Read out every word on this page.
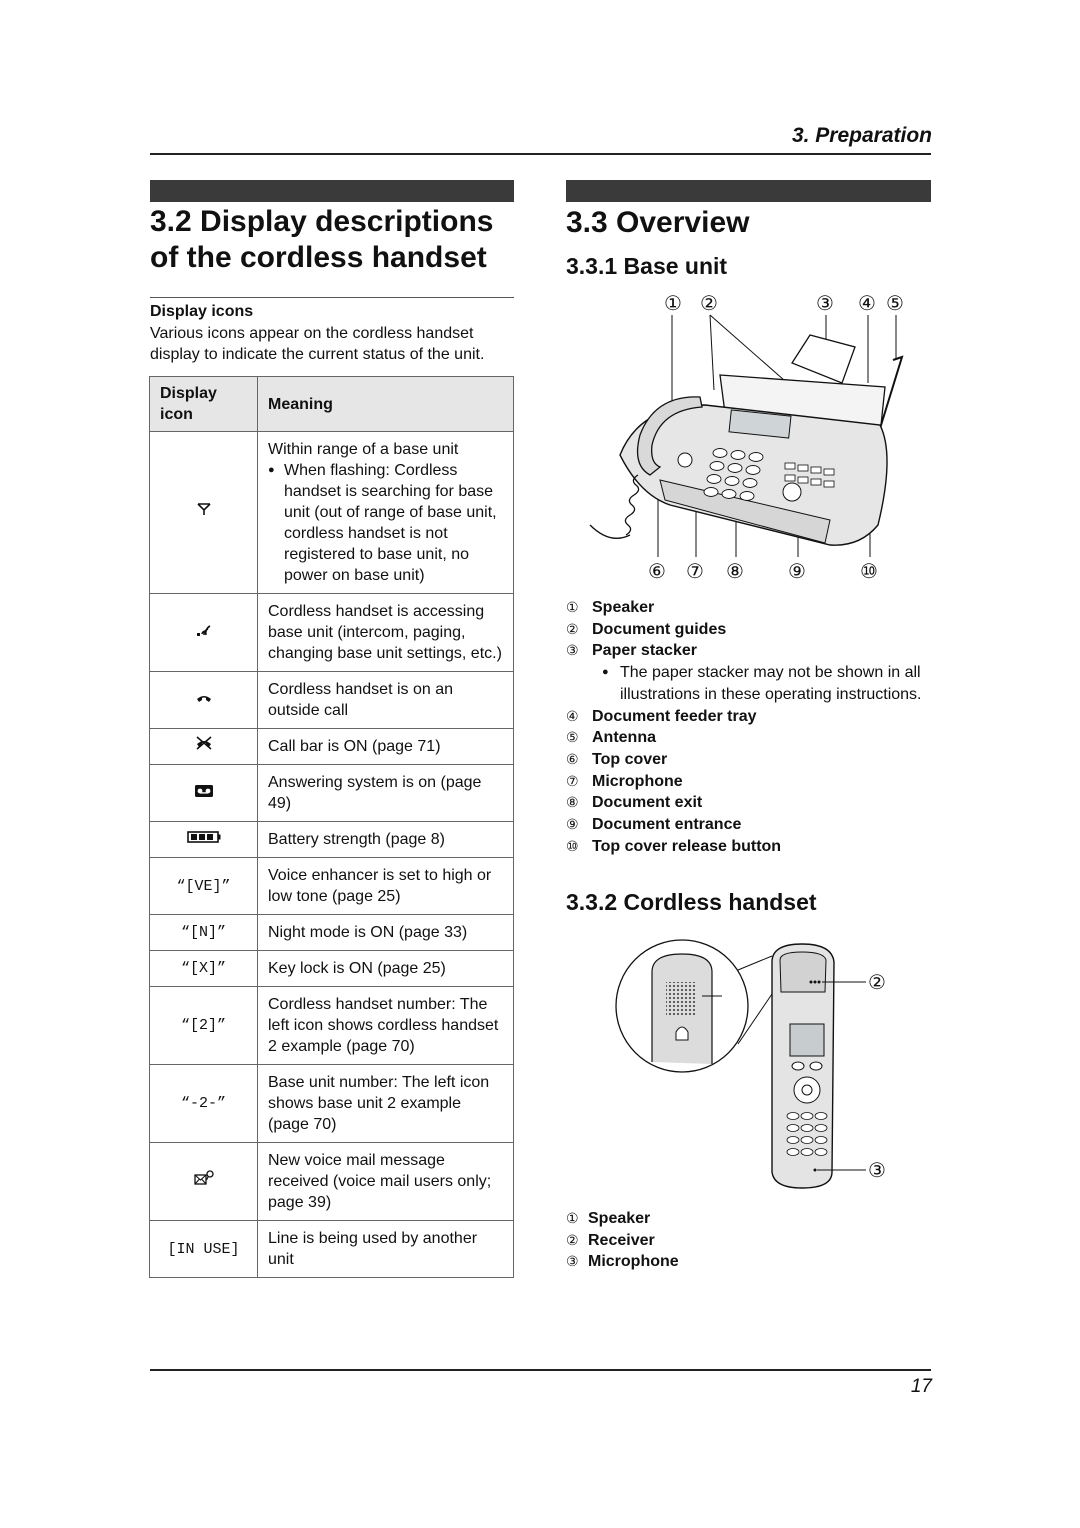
3. Preparation
3.2 Display descriptions of the cordless handset
Display icons
Various icons appear on the cordless handset display to indicate the current status of the unit.
Display icon	Meaning

Within range of a base unit
● When flashing: Cordless handset is searching for base unit (out of range of base unit, cordless handset is not registered to base unit, no power on base unit)

	Cordless handset is accessing base unit (intercom, paging, changing base unit settings, etc.)
	Cordless handset is on an outside call
	Call bar is ON (page 71)
	Answering system is on (page 49)
	Battery strength (page 8)
“[VE]”	Voice enhancer is set to high or low tone (page 25)
“[N]”	Night mode is ON (page 33)
“[X]”	Key lock is ON (page 25)
“[2]”	Cordless handset number: The left icon shows cordless handset 2 example (page 70)
“-2-”	Base unit number: The left icon shows base unit 2 example (page 70)
	New voice mail message received (voice mail users only; page 39)
[IN USE]	Line is being used by another unit
3.3 Overview
3.3.1 Base unit
① ②	③ ④ ⑤
⑥ ⑦ ⑧ ⑨	⑩
① Speaker
② Document guides
③ Paper stacker
● The paper stacker may not be shown in all illustrations in these operating instructions.
④ Document feeder tray
⑤ Antenna
⑥ Top cover
⑦ Microphone
⑧ Document exit
⑨ Document entrance
⑩ Top cover release button
3.3.2 Cordless handset
②
③
① Speaker
② Receiver
③ Microphone
17
